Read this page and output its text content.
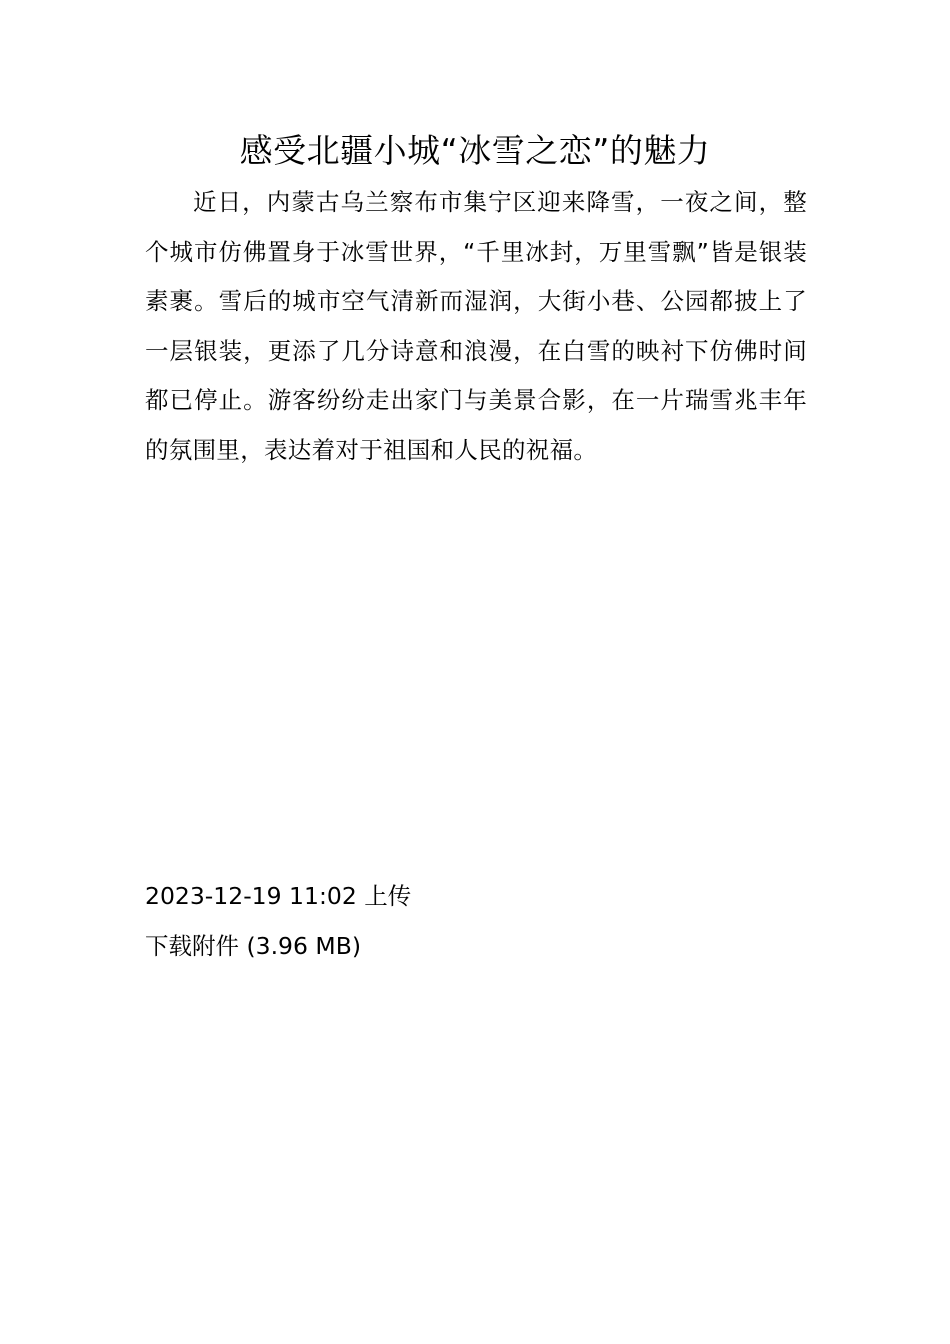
感受北疆小城“冰雪之恋”的魅力

近日，内蒙古乌兰察布市集宁区迎来降雪，一夜之间，整个城市仿佛置身于冰雪世界，“千里冰封，万里雪飘”皆是银装素裹。雪后的城市空气清新而湿润，大街小巷、公园都披上了一层银装，更添了几分诗意和浪漫，在白雪的映衬下仿佛时间都已停止。游客纷纷走出家门与美景合影，在一片瑞雪兆丰年的氛围里，表达着对于祖国和人民的祝福。

2023-12-19 11:02 上传
下载附件 (3.96 MB)
